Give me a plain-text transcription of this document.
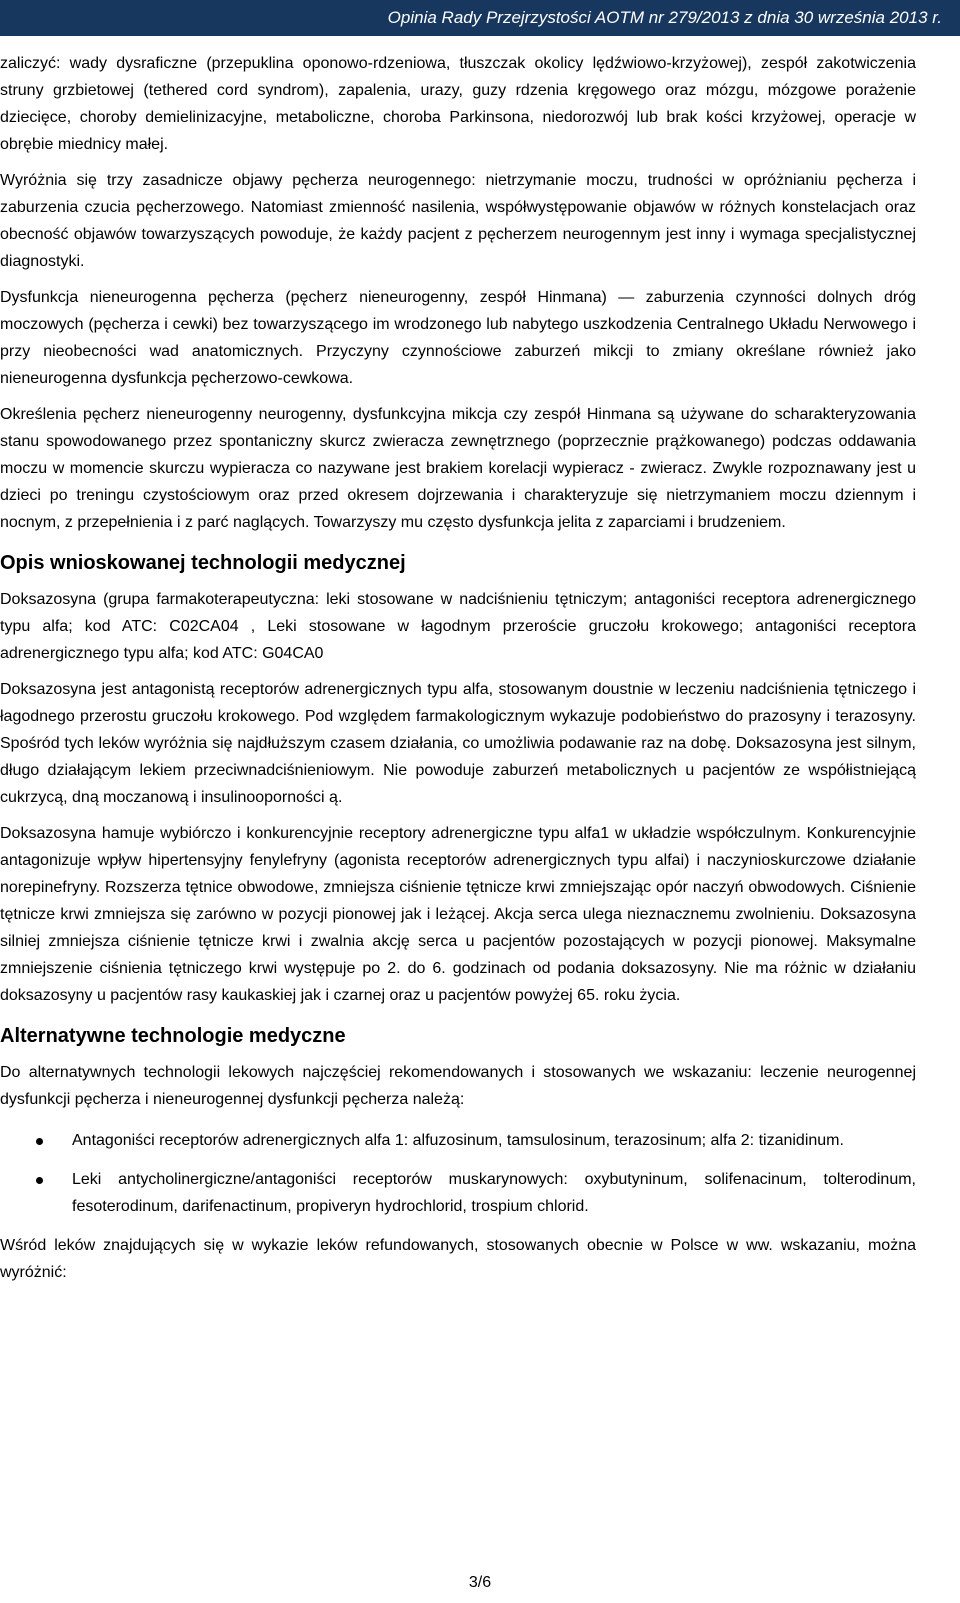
Opinia Rady Przejrzystości AOTM nr 279/2013 z dnia 30 września 2013 r.

zaliczyć: wady dysraficzne (przepuklina oponowo-rdzeniowa, tłuszczak okolicy lędźwiowo-krzyżowej), zespół zakotwiczenia struny grzbietowej (tethered cord syndrom), zapalenia, urazy, guzy rdzenia kręgowego oraz mózgu, mózgowe porażenie dziecięce, choroby demielinizacyjne, metaboliczne, choroba Parkinsona, niedorozwój lub brak kości krzyżowej, operacje w obrębie miednicy małej.

Wyróżnia się trzy zasadnicze objawy pęcherza neurogennego: nietrzymanie moczu, trudności w opróżnianiu pęcherza i zaburzenia czucia pęcherzowego. Natomiast zmienność nasilenia, współwystępowanie objawów w różnych konstelacjach oraz obecność objawów towarzyszących powoduje, że każdy pacjent z pęcherzem neurogennym jest inny i wymaga specjalistycznej diagnostyki.

Dysfunkcja nieneurogenna pęcherza (pęcherz nieneurogenny, zespół Hinmana) ― zaburzenia czynności dolnych dróg moczowych (pęcherza i cewki) bez towarzyszącego im wrodzonego lub nabytego uszkodzenia Centralnego Układu Nerwowego i przy nieobecności wad anatomicznych. Przyczyny czynnościowe zaburzeń mikcji to zmiany określane również jako nieneurogenna dysfunkcja pęcherzowo-cewkowa.

Określenia pęcherz nieneurogenny neurogenny, dysfunkcyjna mikcja czy zespół Hinmana są używane do scharakteryzowania stanu spowodowanego przez spontaniczny skurcz zwieracza zewnętrznego (poprzecznie prążkowanego) podczas oddawania moczu w momencie skurczu wypieracza co nazywane jest brakiem korelacji wypieracz - zwieracz. Zwykle rozpoznawany jest u dzieci po treningu czystościowym oraz przed okresem dojrzewania i charakteryzuje się nietrzymaniem moczu dziennym i nocnym, z przepełnienia i z parć naglących. Towarzyszy mu często dysfunkcja jelita z zaparciami i brudzeniem.

Opis wnioskowanej technologii medycznej

Doksazosyna (grupa farmakoterapeutyczna: leki stosowane w nadciśnieniu tętniczym; antagoniści receptora adrenergicznego typu alfa; kod ATC: C02CA04 , Leki stosowane w łagodnym przeroście gruczołu krokowego; antagoniści receptora adrenergicznego typu alfa; kod ATC: G04CA0

Doksazosyna jest antagonistą receptorów adrenergicznych typu alfa, stosowanym doustnie w leczeniu nadciśnienia tętniczego i łagodnego przerostu gruczołu krokowego. Pod względem farmakologicznym wykazuje podobieństwo do prazosyny i terazosyny. Spośród tych leków wyróżnia się najdłuższym czasem działania, co umożliwia podawanie raz na dobę. Doksazosyna jest silnym, długo działającym lekiem przeciwnadciśnieniowym. Nie powoduje zaburzeń metabolicznych u pacjentów ze współistniejącą cukrzycą, dną moczanową i insulinooporności ą.

Doksazosyna hamuje wybiórczo i konkurencyjnie receptory adrenergiczne typu alfa1 w układzie współczulnym. Konkurencyjnie antagonizuje wpływ hipertensyjny fenylefryny (agonista receptorów adrenergicznych typu alfai) i naczynioskurczowe działanie norepinefryny. Rozszerza tętnice obwodowe, zmniejsza ciśnienie tętnicze krwi zmniejszając opór naczyń obwodowych. Ciśnienie tętnicze krwi zmniejsza się zarówno w pozycji pionowej jak i leżącej. Akcja serca ulega nieznacznemu zwolnieniu. Doksazosyna silniej zmniejsza ciśnienie tętnicze krwi i zwalnia akcję serca u pacjentów pozostających w pozycji pionowej. Maksymalne zmniejszenie ciśnienia tętniczego krwi występuje po 2. do 6. godzinach od podania doksazosyny. Nie ma różnic w działaniu doksazosyny u pacjentów rasy kaukaskiej jak i czarnej oraz u pacjentów powyżej 65. roku życia.

Alternatywne technologie medyczne

Do alternatywnych technologii lekowych najczęściej rekomendowanych i stosowanych we wskazaniu: leczenie neurogennej dysfunkcji pęcherza i nieneurogennej dysfunkcji pęcherza należą:

Antagoniści receptorów adrenergicznych alfa 1: alfuzosinum, tamsulosinum, terazosinum; alfa 2: tizanidinum.
Leki antycholinergiczne/antagoniści receptorów muskarynowych: oxybutyninum, solifenacinum, tolterodinum, fesoterodinum, darifenactinum, propiveryn hydrochlorid, trospium chlorid.

Wśród leków znajdujących się w wykazie leków refundowanych, stosowanych obecnie w Polsce w ww. wskazaniu, można wyróżnić:

3/6
